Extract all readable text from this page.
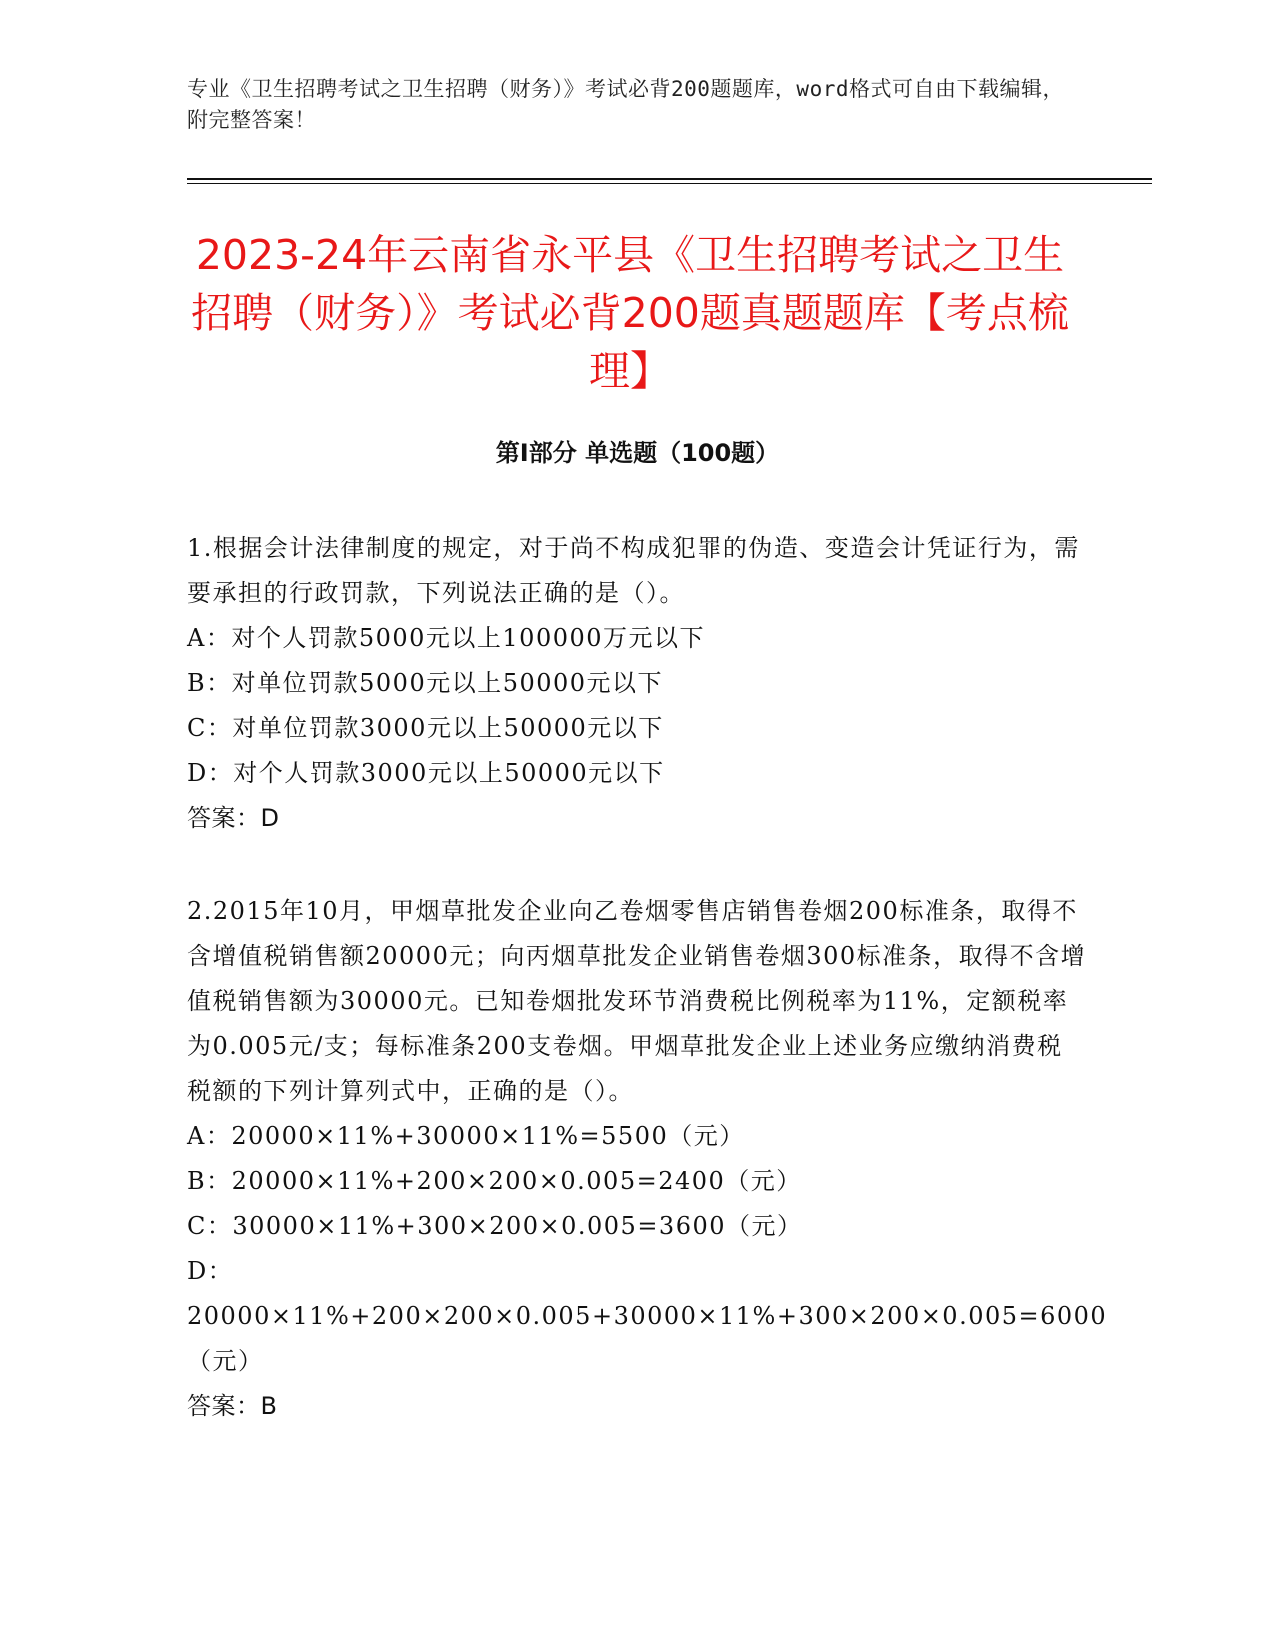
专业《卫生招聘考试之卫生招聘（财务）》考试必背200题题库，word格式可自由下载编辑，附完整答案！
2023-24年云南省永平县《卫生招聘考试之卫生招聘（财务）》考试必背200题真题题库【考点梳理】
第Ⅰ部分 单选题（100题）
1.根据会计法律制度的规定，对于尚不构成犯罪的伪造、变造会计凭证行为，需要承担的行政罚款，下列说法正确的是（）。
A：对个人罚款5000元以上100000万元以下
B：对单位罚款5000元以上50000元以下
C：对单位罚款3000元以上50000元以下
D：对个人罚款3000元以上50000元以下
答案：D
2.2015年10月，甲烟草批发企业向乙卷烟零售店销售卷烟200标准条，取得不含增值税销售额20000元；向丙烟草批发企业销售卷烟300标准条，取得不含增值税销售额为30000元。已知卷烟批发环节消费税比例税率为11%，定额税率为0.005元/支；每标准条200支卷烟。甲烟草批发企业上述业务应缴纳消费税税额的下列计算列式中，正确的是（）。
A：20000×11%+30000×11%=5500（元）
B：20000×11%+200×200×0.005=2400（元）
C：30000×11%+300×200×0.005=3600（元）
D：20000×11%+200×200×0.005+30000×11%+300×200×0.005=6000（元）
答案：B
